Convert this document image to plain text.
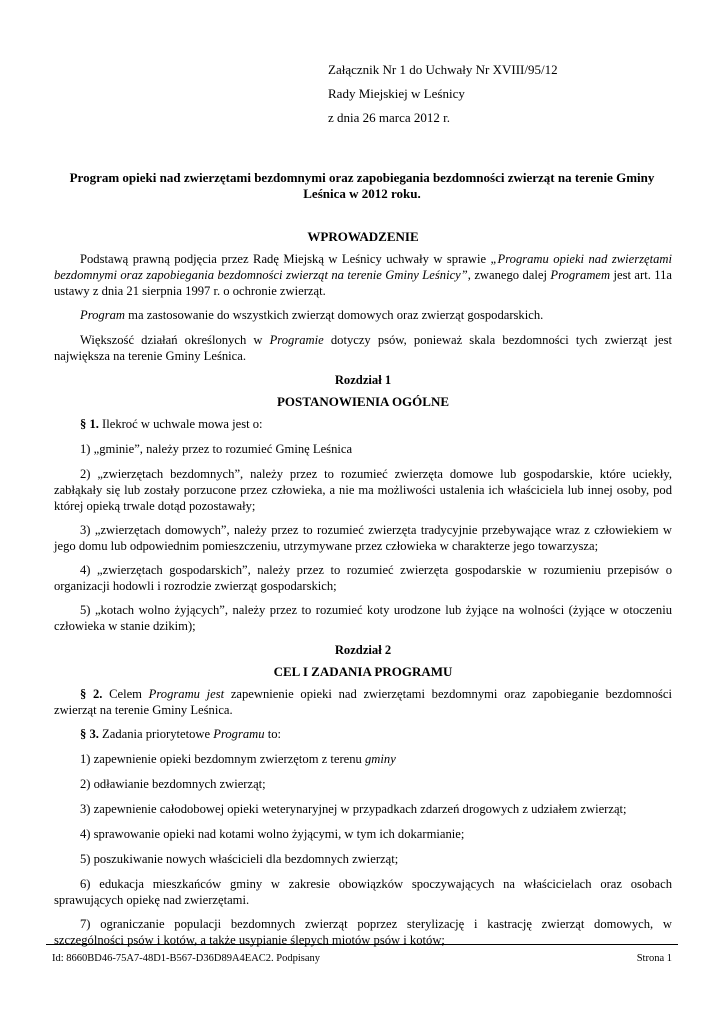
Załącznik Nr 1 do Uchwały Nr XVIII/95/12
Rady Miejskiej w Leśnicy
z dnia 26 marca 2012 r.
Program opieki nad zwierzętami bezdomnymi oraz zapobiegania bezdomności zwierząt na terenie Gminy
Leśnica w 2012 roku.
WPROWADZENIE

Podstawą prawną podjęcia przez Radę Miejską w Leśnicy uchwały w sprawie „Programu opieki nad zwierzętami bezdomnymi oraz zapobiegania bezdomności zwierząt na terenie Gminy Leśnicy”, zwanego dalej Programem jest art. 11a ustawy z dnia 21 sierpnia 1997 r. o ochronie zwierząt.

Program ma zastosowanie do wszystkich zwierząt domowych oraz zwierząt gospodarskich.

Większość działań określonych w Programie dotyczy psów, ponieważ skala bezdomności tych zwierząt jest największa na terenie Gminy Leśnica.

Rozdział 1
POSTANOWIENIA OGÓLNE

§ 1. Ilekroć w uchwale mowa jest o:

1) „gminie”, należy przez to rozumieć Gminę Leśnica

2) „zwierzętach bezdomnych”, należy przez to rozumieć zwierzęta domowe lub gospodarskie, które uciekły, zabłąkały się lub zostały porzucone przez człowieka, a nie ma możliwości ustalenia ich właściciela lub innej osoby, pod której opieką trwale dotąd pozostawały;

3) „zwierzętach domowych”, należy przez to rozumieć zwierzęta tradycyjnie przebywające wraz z człowiekiem w jego domu lub odpowiednim pomieszczeniu, utrzymywane przez człowieka w charakterze jego towarzysza;

4) „zwierzętach gospodarskich”, należy przez to rozumieć zwierzęta gospodarskie w rozumieniu przepisów o organizacji hodowli i rozrodzie zwierząt gospodarskich;

5) „kotach wolno żyjących”, należy przez to rozumieć koty urodzone lub żyjące na wolności (żyjące w otoczeniu człowieka w stanie dzikim);

Rozdział 2
CEL I ZADANIA PROGRAMU

§ 2. Celem Programu jest zapewnienie opieki nad zwierzętami bezdomnymi oraz zapobieganie bezdomności zwierząt na terenie Gminy Leśnica.

§ 3. Zadania priorytetowe Programu to:

1) zapewnienie opieki bezdomnym zwierzętom z terenu gminy

2) odławianie bezdomnych zwierząt;

3) zapewnienie całodobowej opieki weterynaryjnej w przypadkach zdarzeń drogowych z udziałem zwierząt;

4) sprawowanie opieki nad kotami wolno żyjącymi, w tym ich dokarmianie;

5) poszukiwanie nowych właścicieli dla bezdomnych zwierząt;

6) edukacja mieszkańców gminy w zakresie obowiązków spoczywających na właścicielach oraz osobach sprawujących opiekę nad zwierzętami.

7) ograniczanie populacji bezdomnych zwierząt poprzez sterylizację i kastrację zwierząt domowych, w szczególności psów i kotów, a także usypianie ślepych miotów psów i kotów;

Id: 8660BD46-75A7-48D1-B567-D36D89A4EAC2. Podpisany	Strona 1
